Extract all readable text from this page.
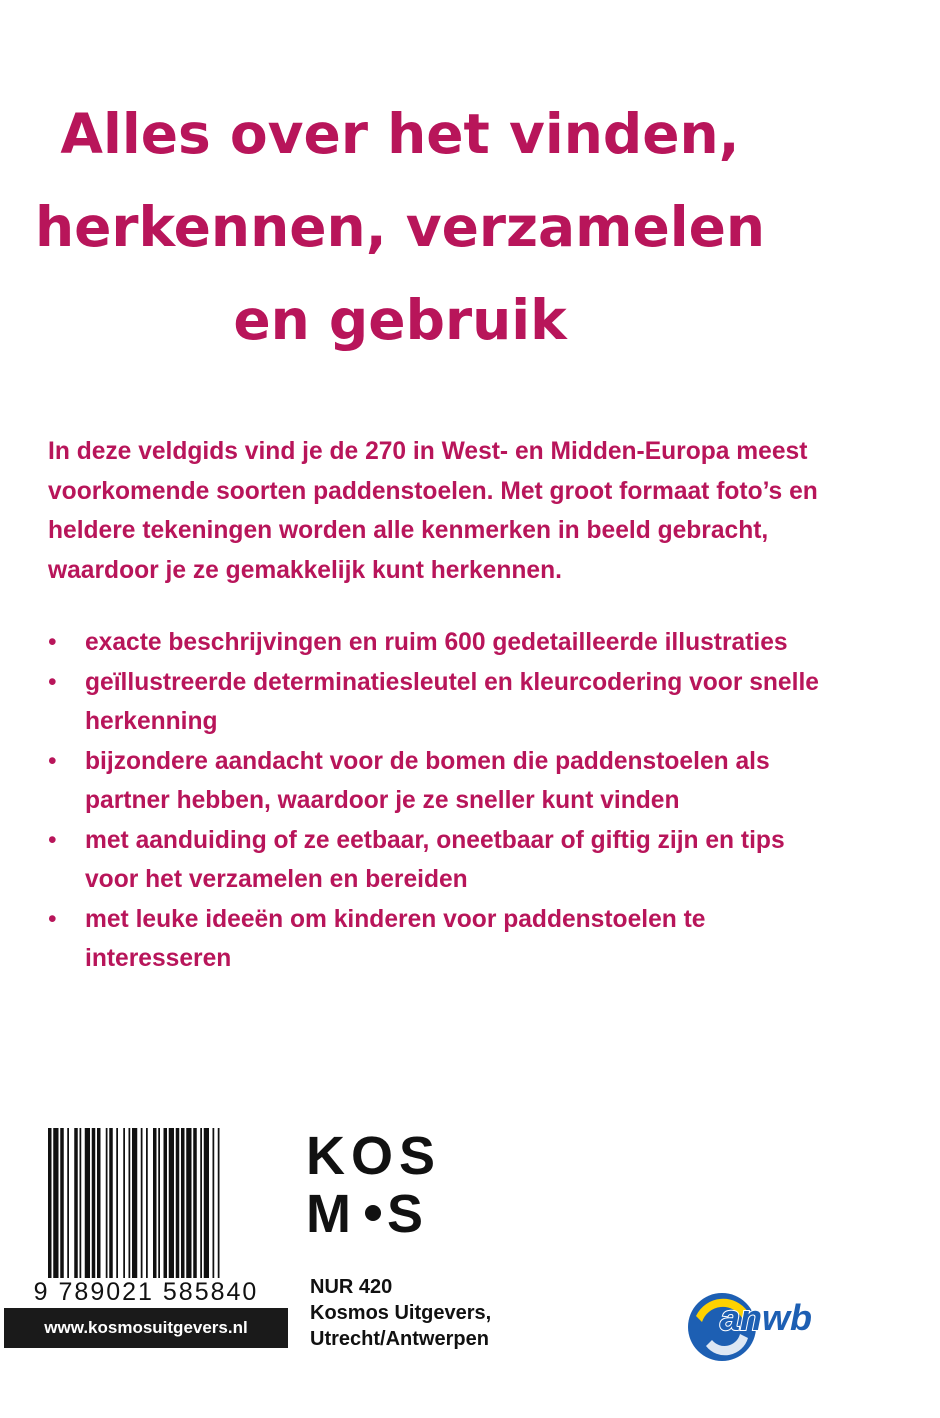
Alles over het vinden,
herkennen, verzamelen
en gebruik

In deze veldgids vind je de 270 in West- en Midden-Europa meest voorkomende soorten paddenstoelen. Met groot formaat foto’s en heldere tekeningen worden alle kenmerken in beeld gebracht, waardoor je ze gemakkelijk kunt herkennen.

• exacte beschrijvingen en ruim 600 gedetailleerde illustraties
• geïllustreerde determinatiesleutel en kleurcodering voor snelle herkenning
• bijzondere aandacht voor de bomen die paddenstoelen als partner hebben, waardoor je ze sneller kunt vinden
• met aanduiding of ze eetbaar, oneetbaar of giftig zijn en tips voor het verzamelen en bereiden
• met leuke ideeën om kinderen voor paddenstoelen te interesseren
9 789021 585840
www.kosmosuitgevers.nl
KOS
M S
NUR 420
Kosmos Uitgevers,
Utrecht/Antwerpen
anwb
